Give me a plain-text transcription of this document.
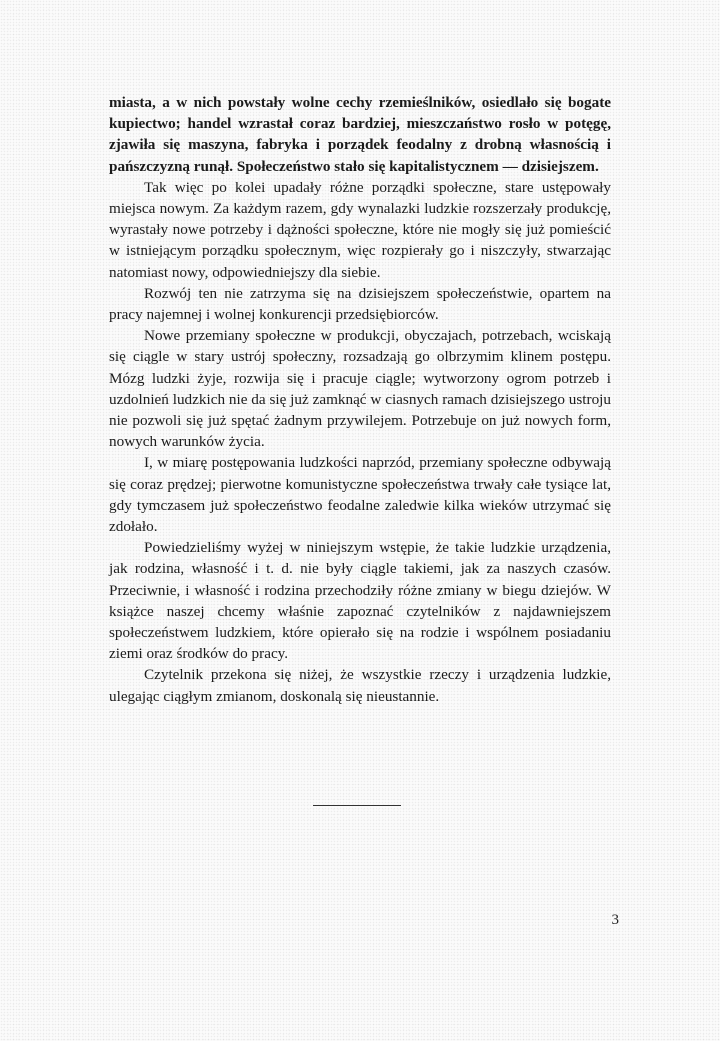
miasta, a w nich powstały wolne cechy rzemieślników, osiedlało się bogate kupiectwo; handel wzrastał coraz bardziej, mieszczaństwo rosło w potęgę, zjawiła się maszyna, fabryka i porządek feodalny z drobną własnością i pańszczyzną runął. Społeczeństwo stało się kapitalistycznem — dzisiejszem.

Tak więc po kolei upadały różne porządki społeczne, stare ustępowały miejsca nowym. Za każdym razem, gdy wynalazki ludzkie rozszerzały produkcję, wyrastały nowe potrzeby i dążności społeczne, które nie mogły się już pomieścić w istniejącym porządku społecznym, więc rozpierały go i niszczyły, stwarzając natomiast nowy, odpowiedniejszy dla siebie.

Rozwój ten nie zatrzyma się na dzisiejszem społeczeństwie, opartem na pracy najemnej i wolnej konkurencji przedsiębiorców.

Nowe przemiany społeczne w produkcji, obyczajach, potrzebach, wciskają się ciągle w stary ustrój społeczny, rozsadzają go olbrzymim klinem postępu. Mózg ludzki żyje, rozwija się i pracuje ciągle; wytworzony ogrom potrzeb i uzdolnień ludzkich nie da się już zamknąć w ciasnych ramach dzisiejszego ustroju nie pozwoli się już spętać żadnym przywilejem. Potrzebuje on już nowych form, nowych warunków życia.

I, w miarę postępowania ludzkości naprzód, przemiany społeczne odbywają się coraz prędzej; pierwotne komunistyczne społeczeństwa trwały całe tysiące lat, gdy tymczasem już społeczeństwo feodalne zaledwie kilka wieków utrzymać się zdołało.

Powiedzieliśmy wyżej w niniejszym wstępie, że takie ludzkie urządzenia, jak rodzina, własność i t. d. nie były ciągle takiemi, jak za naszych czasów. Przeciwnie, i własność i rodzina przechodziły różne zmiany w biegu dziejów. W książce naszej chcemy właśnie zapoznać czytelników z najdawniejszem społeczeństwem ludzkiem, które opierało się na rodzie i wspólnem posiadaniu ziemi oraz środków do pracy.

Czytelnik przekona się niżej, że wszystkie rzeczy i urządzenia ludzkie, ulegając ciągłym zmianom, doskonalą się nieustannie.

3
